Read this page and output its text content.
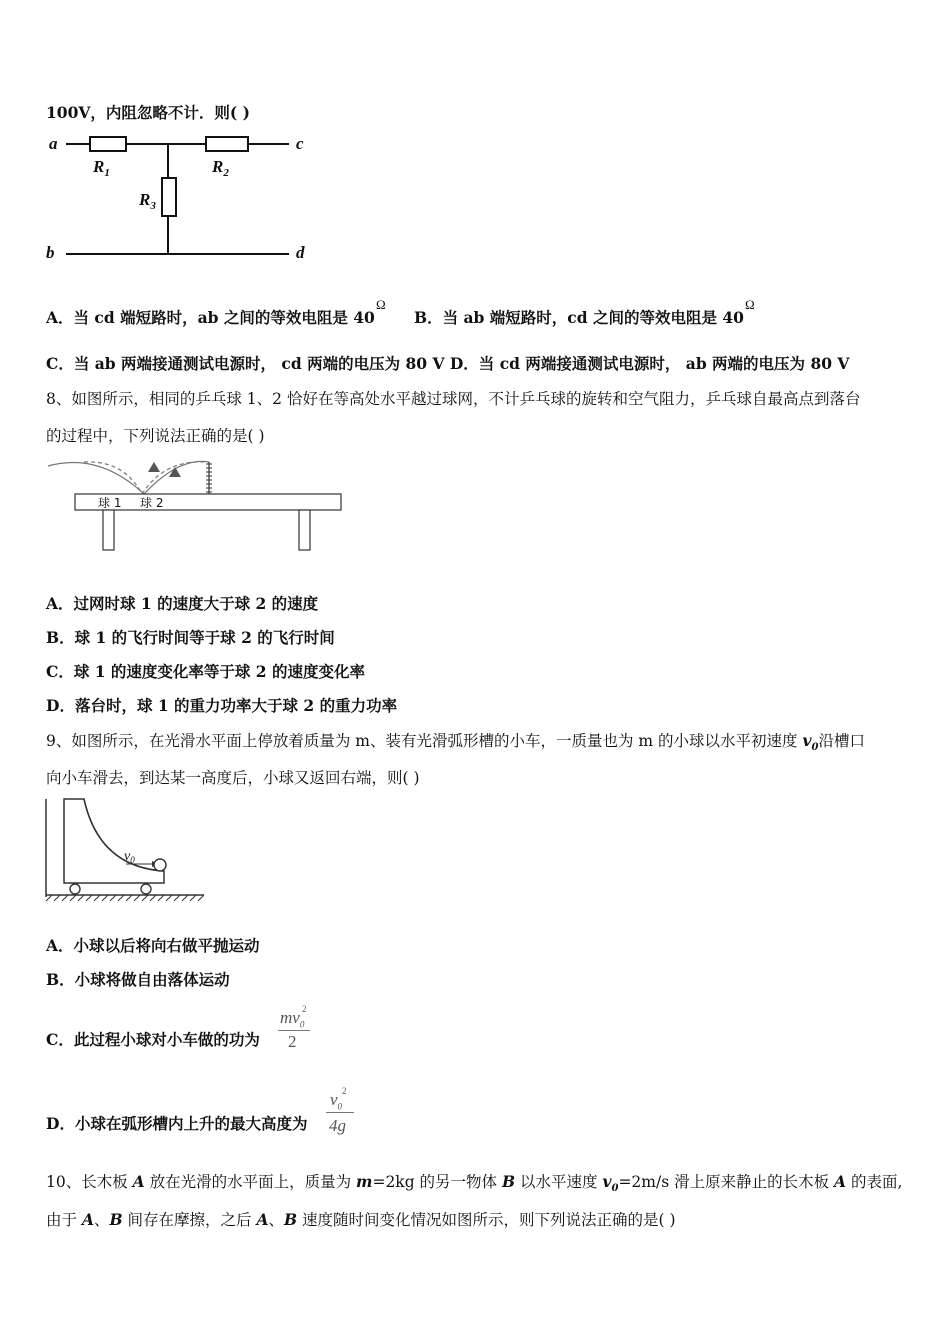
100V，内阻忽略不计．则( )
a
b
c
d
$R_1$	$R_2$
$R_3$
A．当 cd 端短路时，ab 之间的等效电阻是 40
Ω
B．当 ab 端短路时，cd 之间的等效电阻是 40
Ω
C．当 ab 两端接通测试电源时， cd 两端的电压为 80 V D．当 cd 两端接通测试电源时， ab 两端的电压为 80 V
8、如图所示，相同的乒乓球 1、2 恰好在等高处水平越过球网，不计乒乓球的旋转和空气阻力，乒乓球自最高点到落台
的过程中，下列说法正确的是( )
球 1 球 2
A．过网时球 1 的速度大于球 2 的速度
B．球 1 的飞行时间等于球 2 的飞行时间
C．球 1 的速度变化率等于球 2 的速度变化率
D．落台时，球 1 的重力功率大于球 2 的重力功率
9、如图所示，在光滑水平面上停放着质量为 m、装有光滑弧形槽的小车，一质量也为 m 的小球以水平初速度 $v_0$沿槽口
向小车滑去，到达某一高度后，小球又返回右端，则( )
$v_0$
A．小球以后将向右做平抛运动
B．小球将做自由落体运动
C．此过程小球对小车做的功为
$mv_0$
2
2
D．小球在弧形槽内上升的最大高度为
$v_0$
2
4g
10、长木板 A 放在光滑的水平面上，质量为 m=2kg 的另一物体 B 以水平速度 $v_0=2m/s$ 滑上原来静止的长木板 A 的表面,
由于 A、B 间存在摩擦，之后 A、B 速度随时间变化情况如图所示，则下列说法正确的是( )
